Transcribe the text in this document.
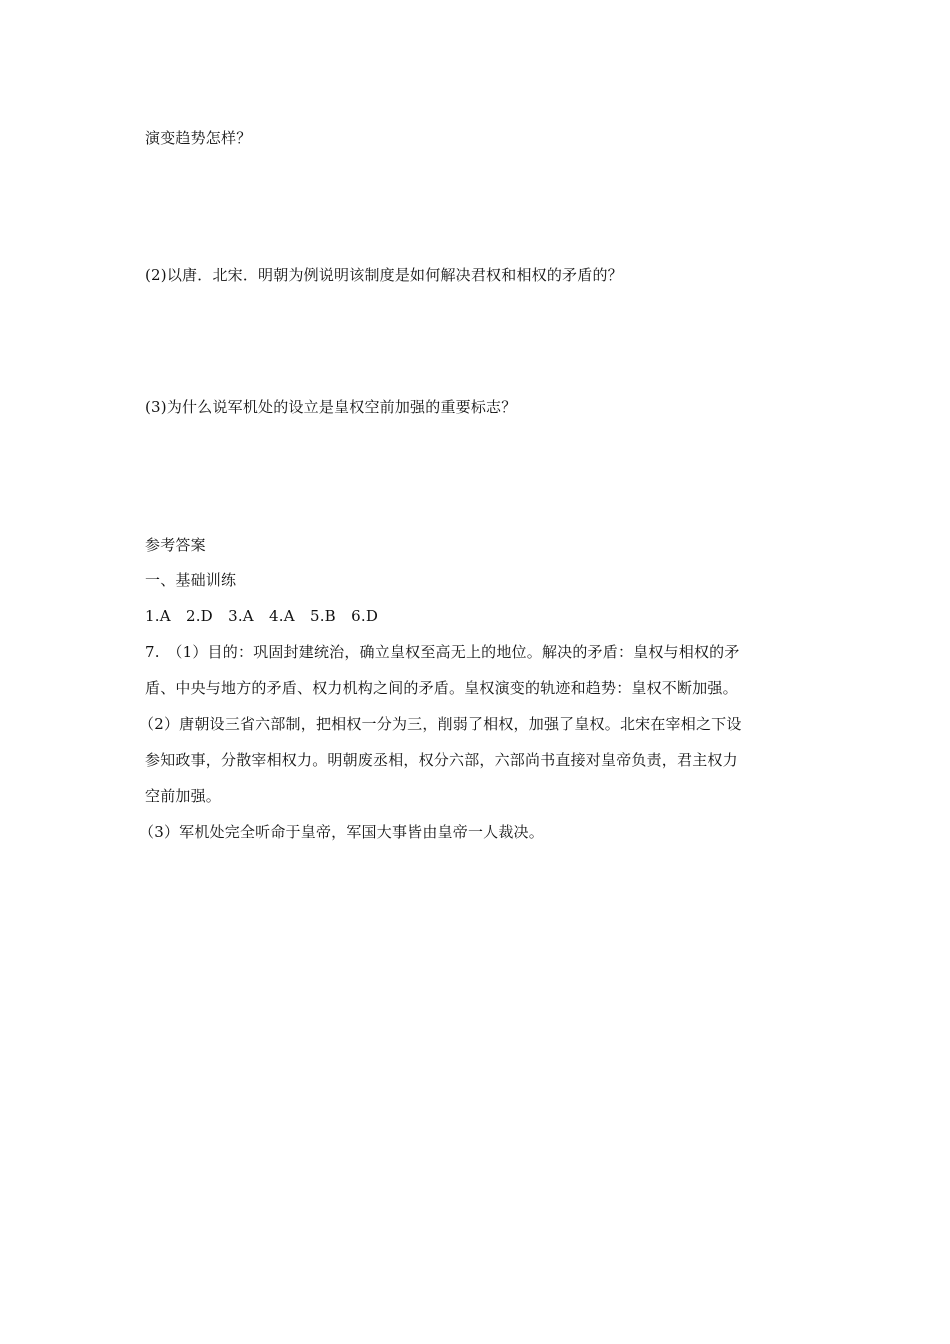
演变趋势怎样？
(2)以唐．北宋．明朝为例说明该制度是如何解决君权和相权的矛盾的？
(3)为什么说军机处的设立是皇权空前加强的重要标志？
参考答案
一、基础训练
1.A　2.D　3.A　4.A　5.B　6.D
7.　（1）目的：巩固封建统治，确立皇权至高无上的地位。解决的矛盾：皇权与相权的矛
盾、中央与地方的矛盾、权力机构之间的矛盾。皇权演变的轨迹和趋势：皇权不断加强。
（2）唐朝设三省六部制，把相权一分为三，削弱了相权，加强了皇权。北宋在宰相之下设
参知政事，分散宰相权力。明朝废丞相，权分六部，六部尚书直接对皇帝负责，君主权力
空前加强。
（3）军机处完全听命于皇帝，军国大事皆由皇帝一人裁决。
